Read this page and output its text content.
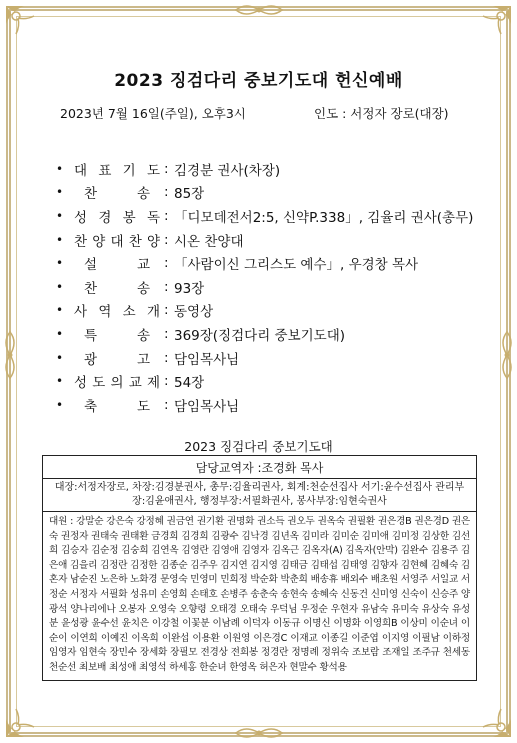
2023 징검다리 중보기도대 헌신예배
2023년 7월 16일(주일), 오후3시	인도 : 서정자 장로(대장)
• 대 표 기 도 : 김경분 권사(차장)
•	찬	송 : 85장
• 성 경 봉 독 : 「디모데전서2:5, 신약P.338」, 김율리 권사(총무)
• 찬 양 대 찬 양 : 시온 찬양대
•	설	교 : 「사람이신 그리스도 예수」, 우경창 목사
•	찬	송 : 93장
• 사 역 소 개 : 동영상
•	특	송 : 369장(징검다리 중보기도대)
•	광	고 : 담임목사님
• 성 도 의 교 제 : 54장
•	축	도 : 담임목사님
2023 징검다리 중보기도대
담당교역자 :조경화 목사
대장:서정자장로, 차장:김경분권사, 총무:김율리권사, 회계:천순선집사 서기:윤수선집사 관리부장:김윤애권사, 행정부장:서필화권사, 봉사부장:임현숙권사
대원 : 강말순 강은숙 강정혜 권금연 권기환 권명화 권소득 권오두 권옥숙 권필환 권은경B 권은경D 권은숙 권정자 권태숙 권태환 금경희 김경희 김광수 김낙경 김년옥 김미라 김미순 김미애 김미정 김상한 김선희 김승자 김순정 김숭희 김연옥 김영란 김영애 김영자 김옥근 김옥자(A) 김옥자(안막) 김완수 김용주 김은애 김을리 김정란 김정한 김종순 김주우 김지연 김지영 김태금 김태섭 김태영 김향자 김현혜 김혜숙 김혼자 남순진 노은하 노화경 문영숙 민영미 민희정 박순화 박춘희 배송휴 배외수 배초원 서영주 서일교 서정순 서정자 서필화 성유미 손영희 손태호 손병주 송춘숙 송현숙 송혜숙 신동건 신미영 신숙이 신승주 양광석 양나리에나 오봉자 오영숙 오향령 오태경 오태숙 우덕님 우정순 우현자 유남숙 유미숙 유상숙 유성분 윤성광 윤수선 윤치은 이강철 이꽃분 이남례 이덕자 이동규 이명신 이명화 이영희B 이상미 이순녀 이순이 이연희 이예진 이옥희 이완섭 이용환 이원영 이은경C 이재교 이종길 이준엽 이지영 이필남 이하정 임영자 임현숙 장민수 장세화 장필모 전경상 전희봉 정경란 정명례 정위숙 조보람 조재일 조주규 천세동 천순선 최보배 최성애 최영석 하세홍 한순녀 한영옥 허은자 현말수 황석용
